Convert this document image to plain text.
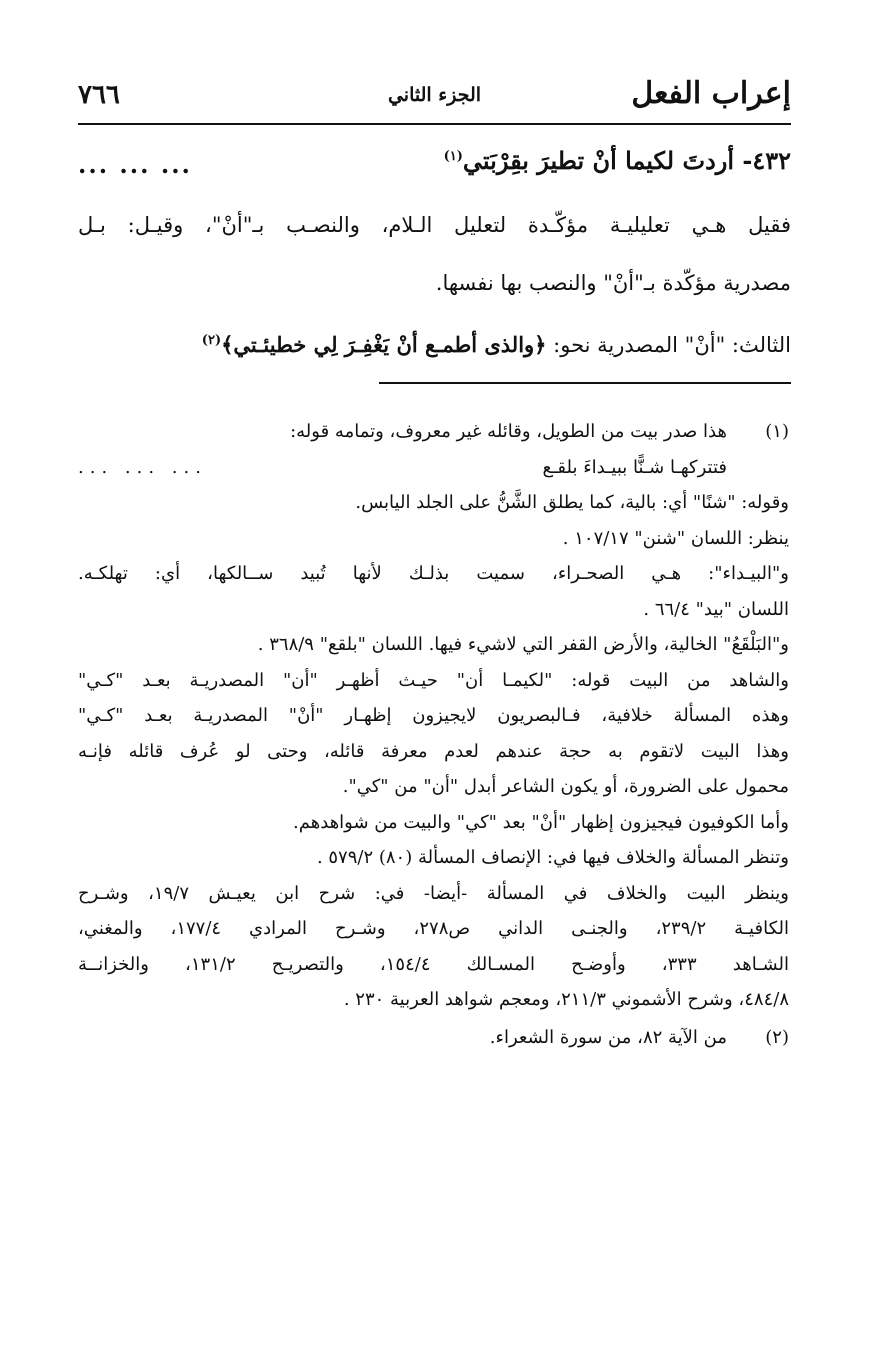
إعراب الفعل
الجزء الثاني
٧٦٦
٤٣٢- أردتَ لكيما أنْ تطيرَ بقِرْبَتي$^{(١)}$
... ... ...

فقيل هـي تعليليـة مؤكّـدة لتعليل الـلام، والنصـب بـ"أنْ"، وقيـل: بـل
مصدرية مؤكّدة بـ"أنْ" والنصب بها نفسها.

الثالث: "أنْ" المصدرية نحو: ﴿والذى أطمـع أنْ يَغْفِـرَ لِي خطيئـتي﴾$^{(٢)}$

(١)
هذا صدر بيت من الطويل، وقائله غير معروف، وتمامه قوله:
فتتركهـا شـنًّا ببيـداءَ بلقـع
... ... ...
وقوله: "شنًا" أي: بالية، كما يطلق الشَّنُّ على الجلد اليابس.
ينظر: اللسان "شنن" ١٠٧/١٧ .
و"البيـداء": هـي الصحـراء، سميت بذلـك لأنها تُبيد ســالكها، أي: تهلكـه.
اللسان "بيد" ٦٦/٤ .
و"البَلْقَعُ" الخالية، والأرض القفر التي لاشيء فيها. اللسان "بلقع" ٣٦٨/٩ .
والشاهد من البيت قوله: "لكيمـا أن" حيـث أظهـر "أن" المصدريـة بعـد "كـي"
وهذه المسألة خلافية، فـالبصريون لايجيزون إظهـار "أنْ" المصدريـة بعـد "كـي"
وهذا البيت لاتقوم به حجة عندهم لعدم معرفة قائله، وحتى لو عُرف قائله فإنـه
محمول على الضرورة، أو يكون الشاعر أبدل "أن" من "كي".
وأما الكوفيون فيجيزون إظهار "أنْ" بعد "كي" والبيت من شواهدهم.
وتنظر المسألة والخلاف فيها في: الإنصاف المسألة (٨٠) ٥٧٩/٢ .
وينظر البيت والخلاف في المسألة -أيضا- في: شرح ابن يعيـش ١٩/٧، وشـرح
الكافيـة ٢٣٩/٢، والجنـى الداني ص٢٧٨، وشـرح المرادي ١٧٧/٤، والمغني،
الشـاهد ٣٣٣، وأوضـح المسـالك ١٥٤/٤، والتصريـح ١٣١/٢، والخزانــة
٤٨٤/٨، وشرح الأشموني ٢١١/٣، ومعجم شواهد العربية ٢٣٠ .
(٢)
من الآية ٨٢، من سورة الشعراء.
